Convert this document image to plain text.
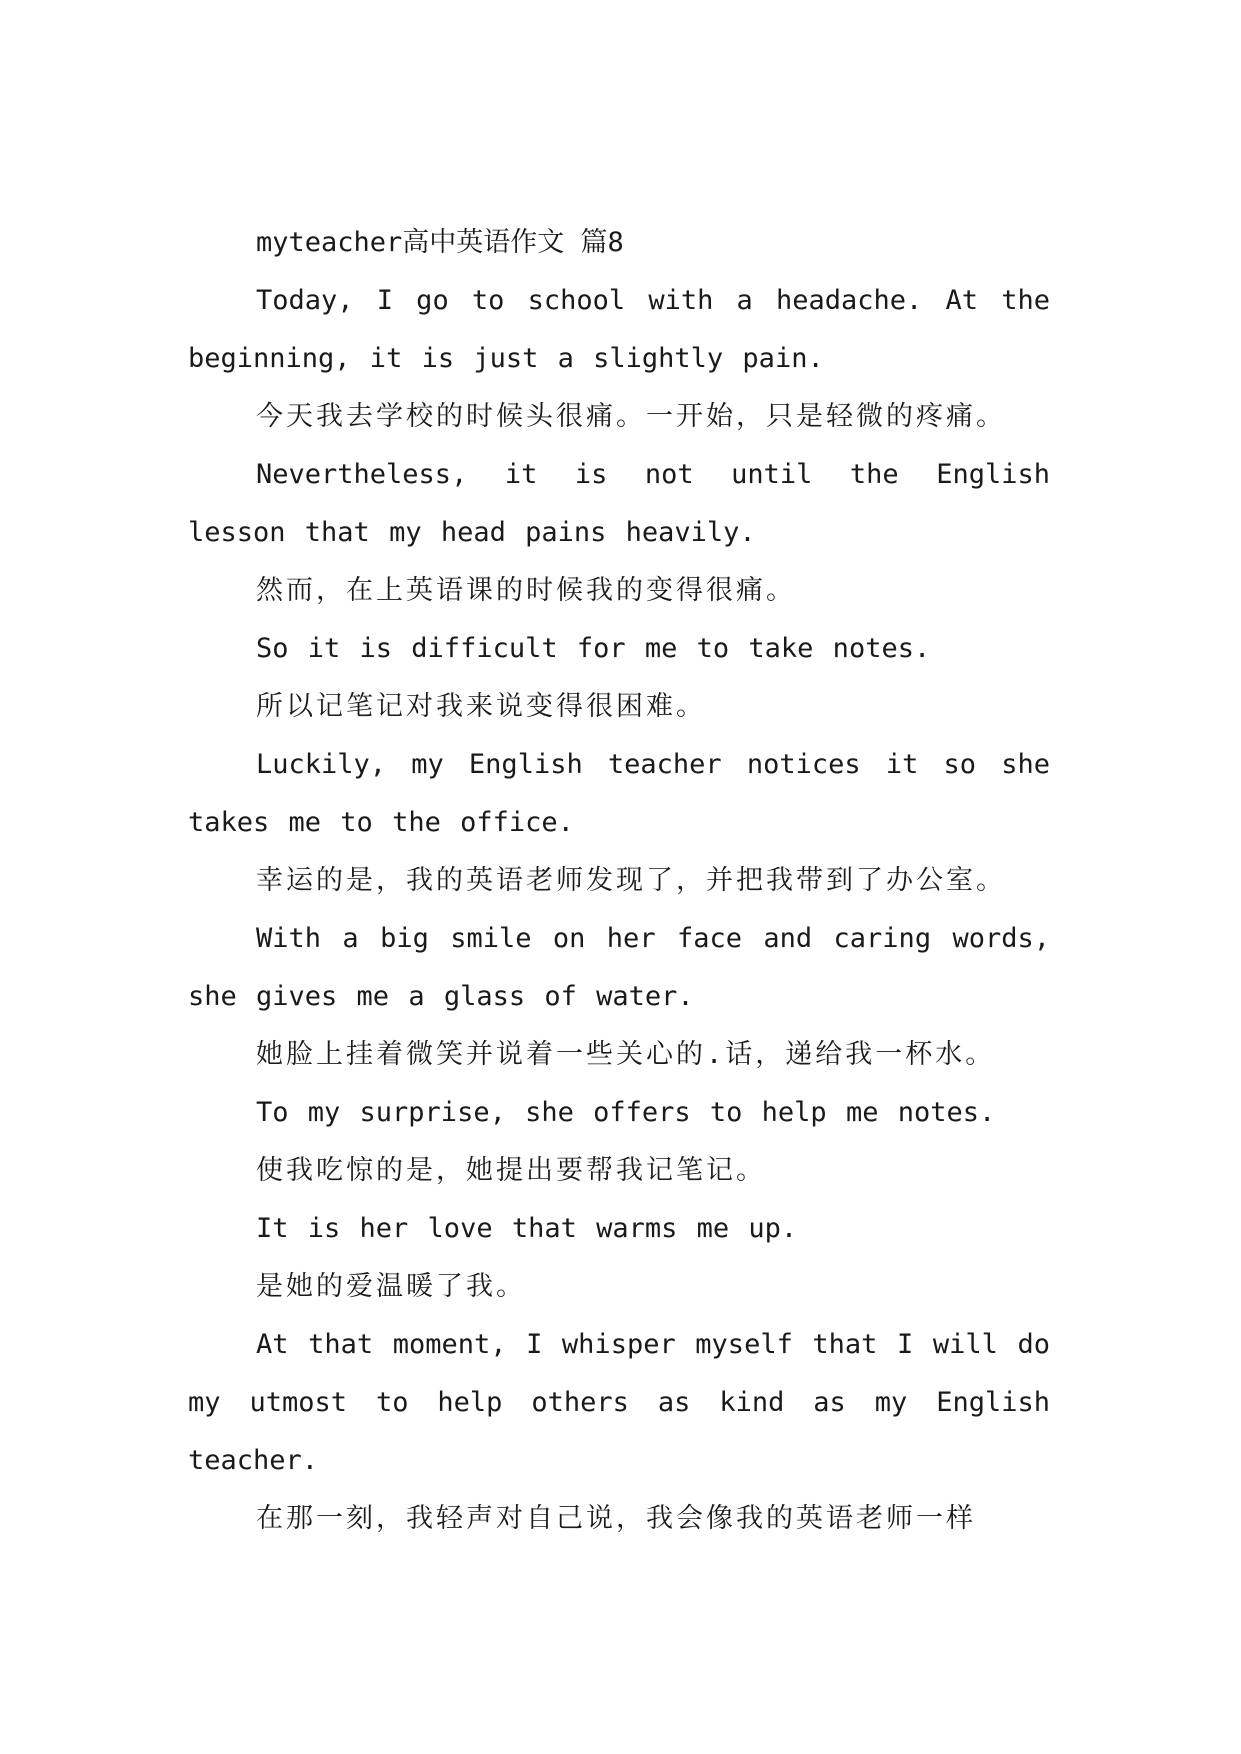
myteacher高中英语作文 篇8

Today, I go to school with a headache. At the beginning, it is just a slightly pain.

今天我去学校的时候头很痛。一开始，只是轻微的疼痛。

Nevertheless, it is not until the English lesson that my head pains heavily.

然而，在上英语课的时候我的变得很痛。

So it is difficult for me to take notes.

所以记笔记对我来说变得很困难。

Luckily, my English teacher notices it so she takes me to the office.

幸运的是，我的英语老师发现了，并把我带到了办公室。

With a big smile on her face and caring words, she gives me a glass of water.

她脸上挂着微笑并说着一些关心的.话，递给我一杯水。

To my surprise, she offers to help me notes.

使我吃惊的是，她提出要帮我记笔记。

It is her love that warms me up.

是她的爱温暖了我。

At that moment, I whisper myself that I will do my utmost to help others as kind as my English teacher.

在那一刻，我轻声对自己说，我会像我的英语老师一样
